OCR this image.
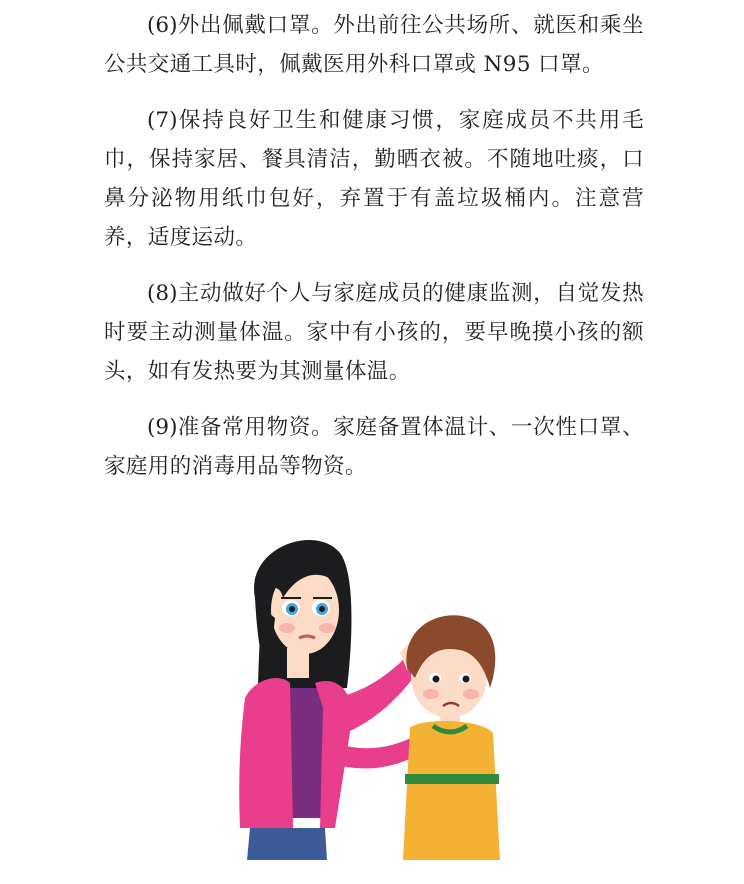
(6)外出佩戴口罩。外出前往公共场所、就医和乘坐公共交通工具时，佩戴医用外科口罩或 N95 口罩。

(7)保持良好卫生和健康习惯，家庭成员不共用毛巾，保持家居、餐具清洁，勤晒衣被。不随地吐痰，口鼻分泌物用纸巾包好，弃置于有盖垃圾桶内。注意营养，适度运动。

(8)主动做好个人与家庭成员的健康监测，自觉发热时要主动测量体温。家中有小孩的，要早晚摸小孩的额头，如有发热要为其测量体温。

(9)准备常用物资。家庭备置体温计、一次性口罩、家庭用的消毒用品等物资。
